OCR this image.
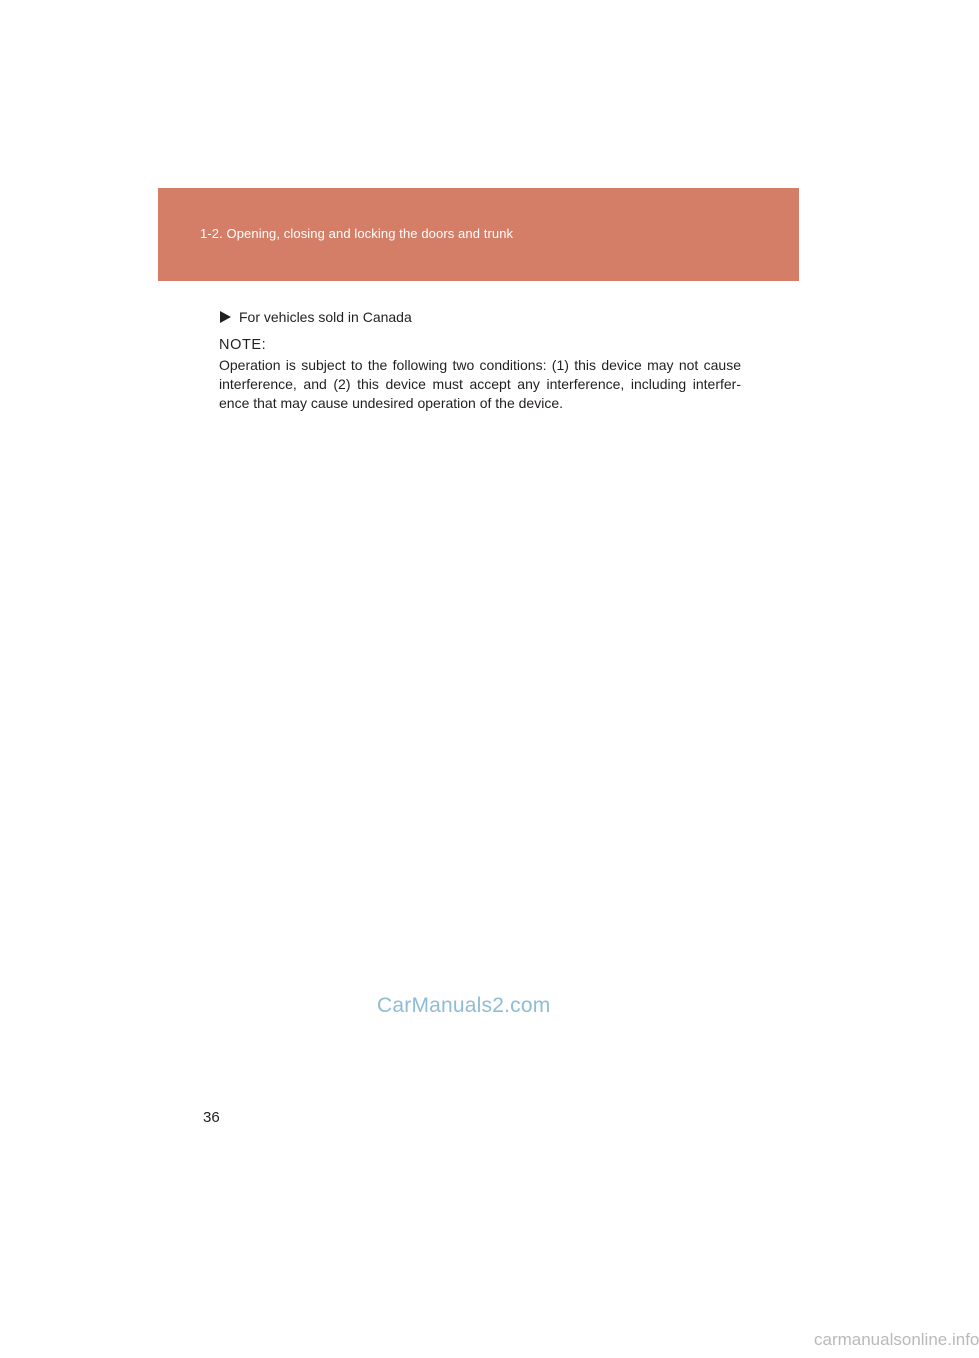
1-2. Opening, closing and locking the doors and trunk
For vehicles sold in Canada
NOTE:
Operation is subject to the following two conditions: (1) this device may not cause interference, and (2) this device must accept any interference, including interfer-ence that may cause undesired operation of the device.
CarManuals2.com
36
carmanualsonline.info
